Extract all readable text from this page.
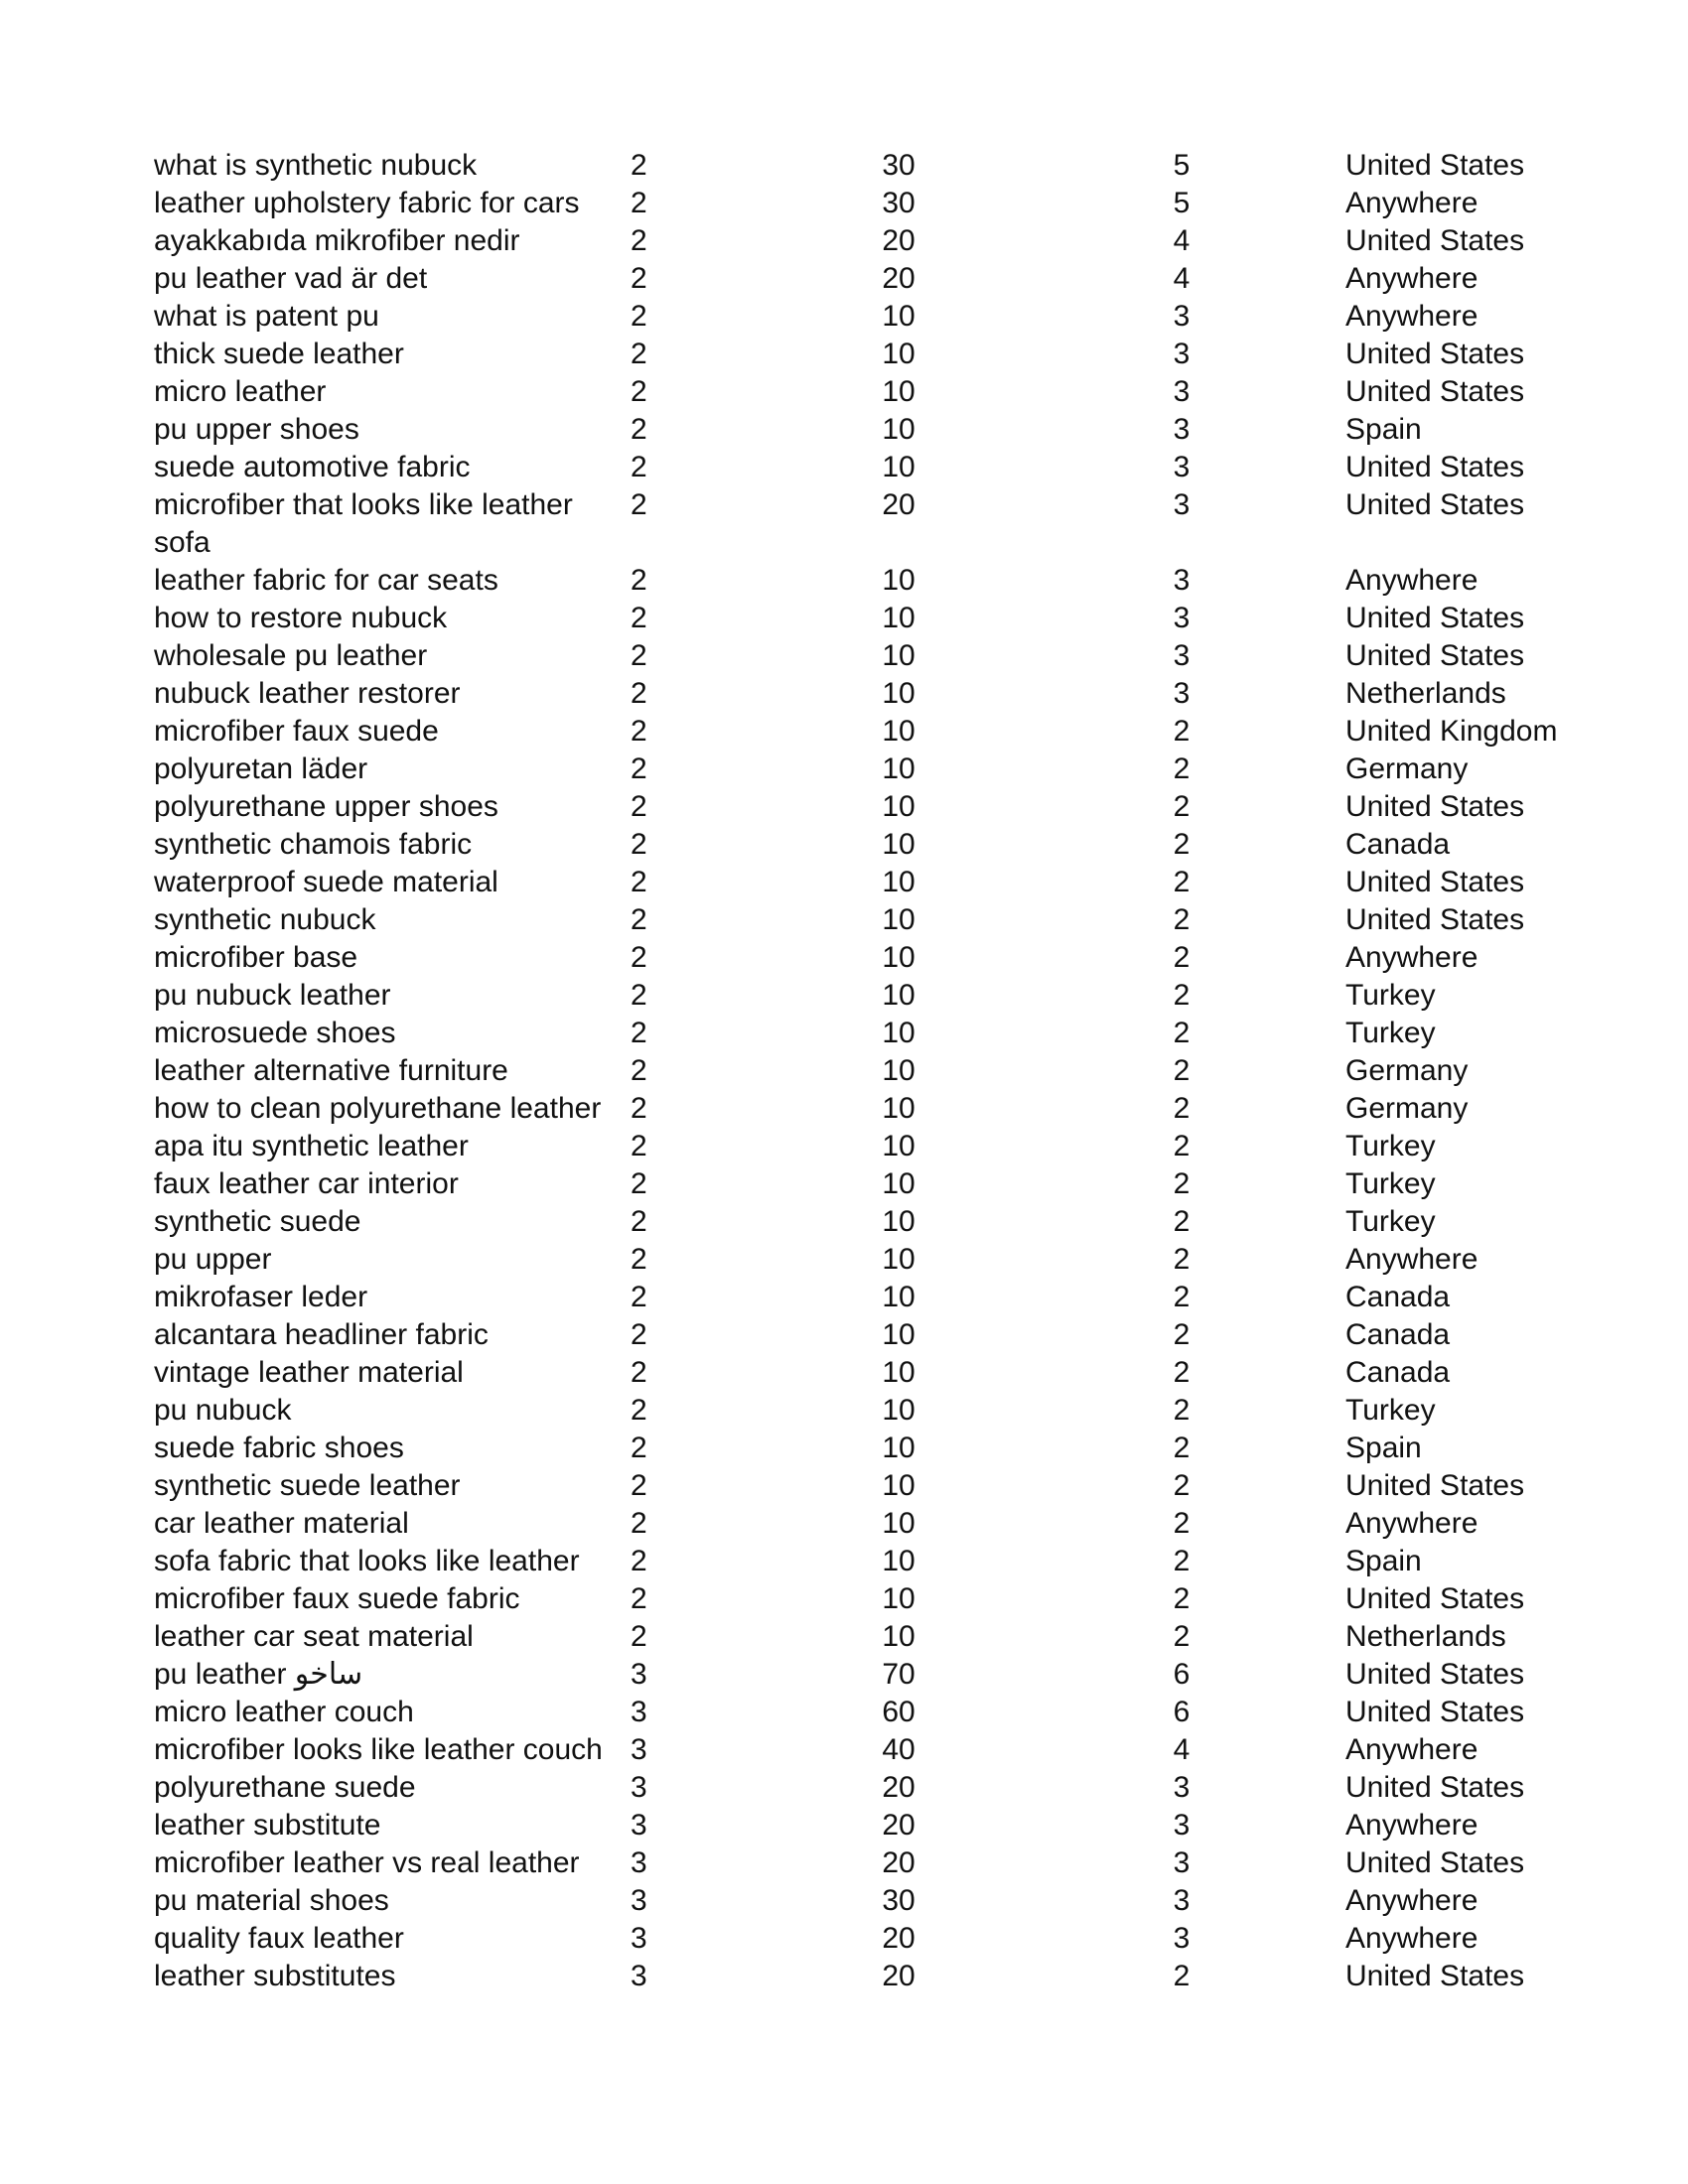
what is synthetic nubuck	2	30	5	United States
leather upholstery fabric for cars	2	30	5	Anywhere
ayakkabıda mikrofiber nedir	2	20	4	United States
pu leather vad är det	2	20	4	Anywhere
what is patent pu	2	10	3	Anywhere
thick suede leather	2	10	3	United States
micro leather	2	10	3	United States
pu upper shoes	2	10	3	Spain
suede automotive fabric	2	10	3	United States
microfiber that looks like leather sofa	2	20	3	United States
leather fabric for car seats	2	10	3	Anywhere
how to restore nubuck	2	10	3	United States
wholesale pu leather	2	10	3	United States
nubuck leather restorer	2	10	3	Netherlands
microfiber faux suede	2	10	2	United Kingdom
polyuretan läder	2	10	2	Germany
polyurethane upper shoes	2	10	2	United States
synthetic chamois fabric	2	10	2	Canada
waterproof suede material	2	10	2	United States
synthetic nubuck	2	10	2	United States
microfiber base	2	10	2	Anywhere
pu nubuck leather	2	10	2	Turkey
microsuede shoes	2	10	2	Turkey
leather alternative furniture	2	10	2	Germany
how to clean polyurethane leather	2	10	2	Germany
apa itu synthetic leather	2	10	2	Turkey
faux leather car interior	2	10	2	Turkey
synthetic suede	2	10	2	Turkey
pu upper	2	10	2	Anywhere
mikrofaser leder	2	10	2	Canada
alcantara headliner fabric	2	10	2	Canada
vintage leather material	2	10	2	Canada
pu nubuck	2	10	2	Turkey
suede fabric shoes	2	10	2	Spain
synthetic suede leather	2	10	2	United States
car leather material	2	10	2	Anywhere
sofa fabric that looks like leather	2	10	2	Spain
microfiber faux suede fabric	2	10	2	United States
leather car seat material	2	10	2	Netherlands
pu leather ساخو	3	70	6	United States
micro leather couch	3	60	6	United States
microfiber looks like leather couch	3	40	4	Anywhere
polyurethane suede	3	20	3	United States
leather substitute	3	20	3	Anywhere
microfiber leather vs real leather	3	20	3	United States
pu material shoes	3	30	3	Anywhere
quality faux leather	3	20	3	Anywhere
leather substitutes	3	20	2	United States
